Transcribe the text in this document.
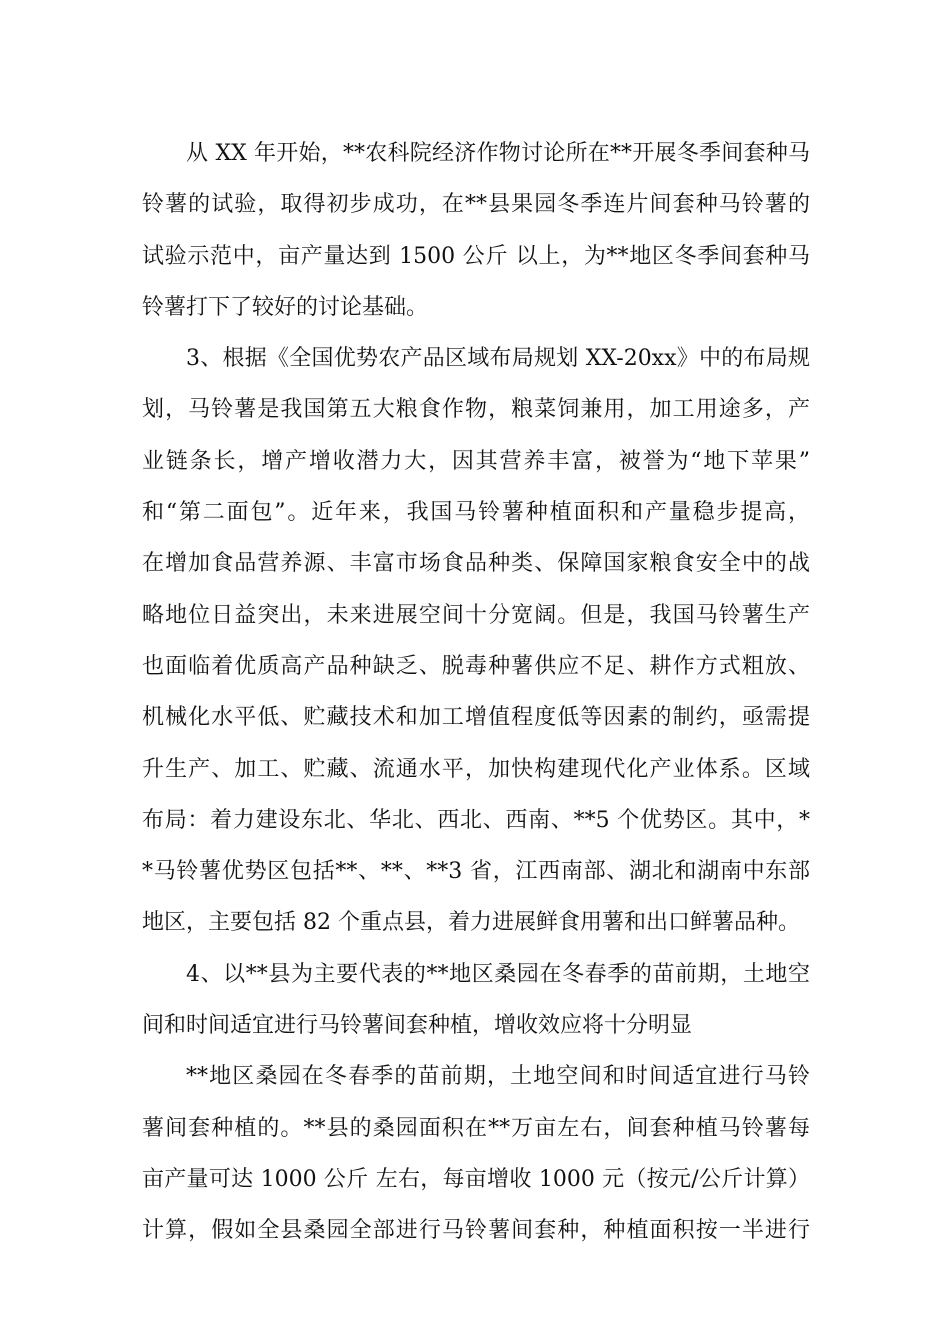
从 XX 年开始，**农科院经济作物讨论所在**开展冬季间套种马
铃薯的试验，取得初步成功，在**县果园冬季连片间套种马铃薯的
试验示范中，亩产量达到 1500 公斤 以上，为**地区冬季间套种马
铃薯打下了较好的讨论基础。
3、根据《全国优势农产品区域布局规划 XX-20xx》中的布局规
划，马铃薯是我国第五大粮食作物，粮菜饲兼用，加工用途多，产
业链条长，增产增收潜力大，因其营养丰富，被誉为“地下苹果”
和“第二面包”。近年来，我国马铃薯种植面积和产量稳步提高，
在增加食品营养源、丰富市场食品种类、保障国家粮食安全中的战
略地位日益突出，未来进展空间十分宽阔。但是，我国马铃薯生产
也面临着优质高产品种缺乏、脱毒种薯供应不足、耕作方式粗放、
机械化水平低、贮藏技术和加工增值程度低等因素的制约，亟需提
升生产、加工、贮藏、流通水平，加快构建现代化产业体系。区域
布局：着力建设东北、华北、西北、西南、**5 个优势区。其中，*
*马铃薯优势区包括**、**、**3 省，江西南部、湖北和湖南中东部
地区，主要包括 82 个重点县，着力进展鲜食用薯和出口鲜薯品种。
4、以**县为主要代表的**地区桑园在冬春季的苗前期，土地空
间和时间适宜进行马铃薯间套种植，增收效应将十分明显
**地区桑园在冬春季的苗前期，土地空间和时间适宜进行马铃
薯间套种植的。**县的桑园面积在**万亩左右，间套种植马铃薯每
亩产量可达 1000 公斤 左右，每亩增收 1000 元（按元/公斤计算）
计算，假如全县桑园全部进行马铃薯间套种，种植面积按一半进行
